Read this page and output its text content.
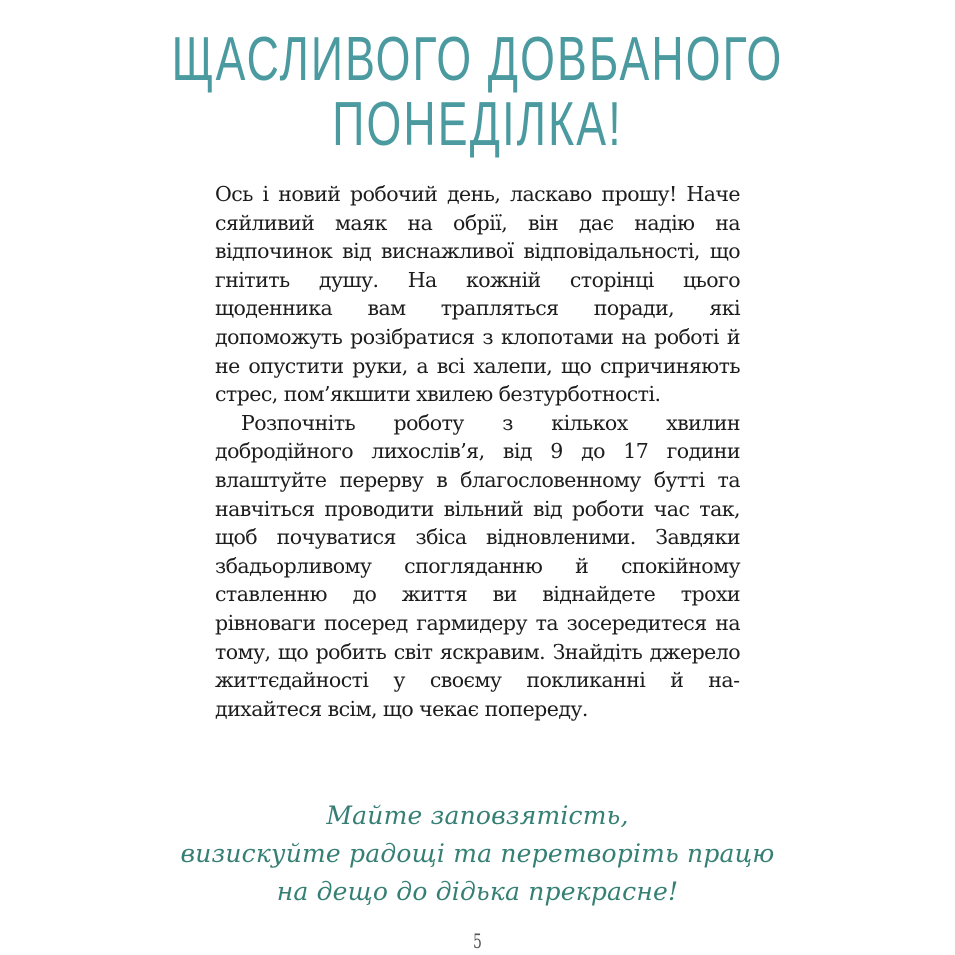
ЩАСЛИВОГО ДОВБАНОГО
ПОНЕДІЛКА!

Ось і новий робочий день, ласкаво прошу! Наче сяйливий маяк на обрії, він дає надію на відпочинок від виснажливої відповідальності, що гнітить душу. На кожній сторінці цього щоденника вам трапляться поради, які допоможуть розібратися з клопотами на роботі й не опустити руки, а всі халепи, що спричиняють стрес, пом’якшити хвилею безтурботності.

Розпочніть роботу з кількох хвилин добродійного лихослів’я, від 9 до 17 години влаштуйте перерву в благословенному бутті та навчіться проводити вільний від роботи час так, щоб почуватися збіса відновленими. Завдяки збадьорливому спогляданню й спокійному ставленню до життя ви віднайдете трохи рівноваги посеред гармидеру та зосередитеся на тому, що робить світ яскравим. Знайдіть джерело життєдайності у своєму покликанні й надихайтеся всім, що чекає попереду.

Майте заповзятість,
визискуйте радощі та перетворіть працю
на дещо до дідька прекрасне!
5
